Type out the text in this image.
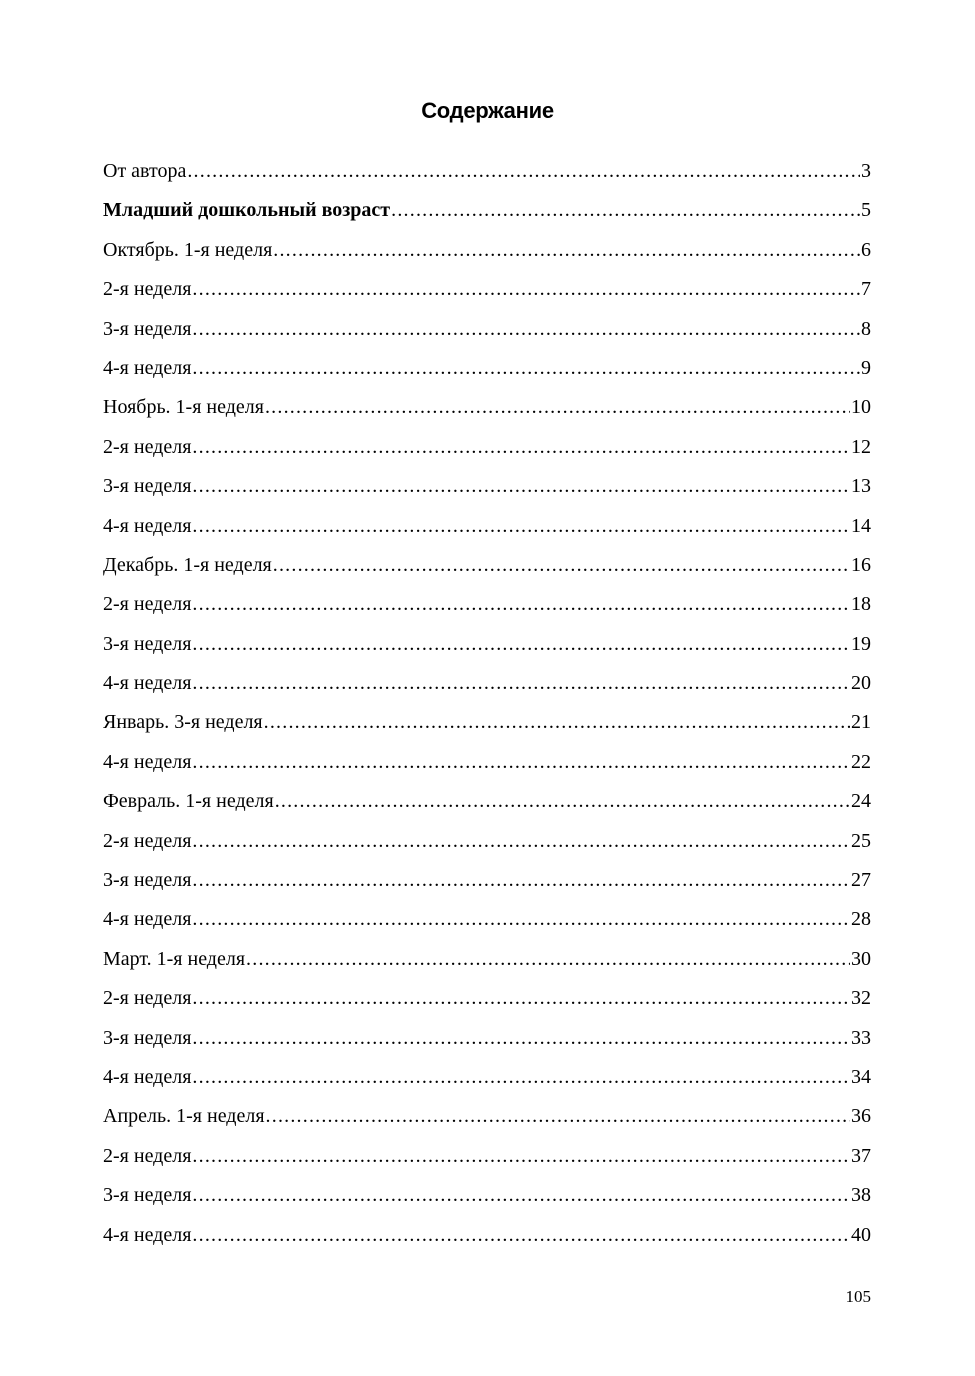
Содержание
От автора .....	3
Младший дошкольный возраст .....	5
Октябрь. 1-я неделя .....	6
2-я неделя .....	7
3-я неделя .....	8
4-я неделя .....	9
Ноябрь. 1-я неделя .....	10
2-я неделя .....	12
3-я неделя .....	13
4-я неделя .....	14
Декабрь. 1-я неделя .....	16
2-я неделя .....	18
3-я неделя .....	19
4-я неделя .....	20
Январь. 3-я неделя .....	21
4-я неделя .....	22
Февраль. 1-я неделя .....	24
2-я неделя .....	25
3-я неделя .....	27
4-я неделя .....	28
Март. 1-я неделя .....	30
2-я неделя .....	32
3-я неделя .....	33
4-я неделя .....	34
Апрель. 1-я неделя .....	36
2-я неделя .....	37
3-я неделя .....	38
4-я неделя .....	40
105
